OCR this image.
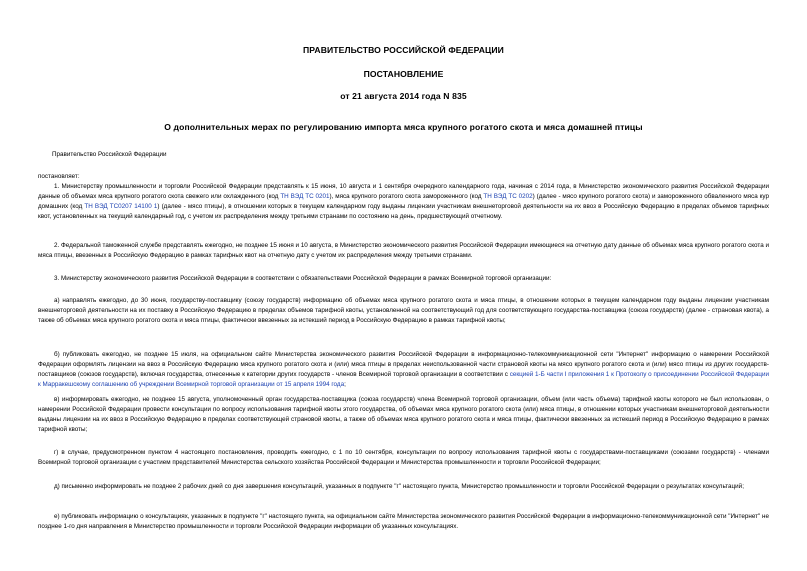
ПРАВИТЕЛЬСТВО РОССИЙСКОЙ ФЕДЕРАЦИИ
ПОСТАНОВЛЕНИЕ
от 21 августа 2014 года N 835
О дополнительных мерах по регулированию импорта мяса крупного рогатого скота и мяса домашней птицы
Правительство Российской Федерации
постановляет:
1. Министерству промышленности и торговли Российской Федерации представлять к 15 июня, 10 августа и 1 сентября очередного календарного года, начиная с 2014 года, в Министерство экономического развития Российской Федерации данные об объемах мяса крупного рогатого скота свежего или охлажденного (код ТН ВЭД ТС 0201), мяса крупного рогатого скота замороженного (код ТН ВЭД ТС 0202) (далее - мясо крупного рогатого скота) и замороженного обваленного мяса кур домашних (код ТН ВЭД ТС0207 14100 1) (далее - мясо птицы), в отношении которых в текущем календарном году выданы лицензии участникам внешнеторговой деятельности на их ввоз в Российскую Федерацию в пределах объемов тарифных квот, установленных на текущий календарный год, с учетом их распределения между третьими странами по состоянию на день, предшествующий отчетному.
2. Федеральной таможенной службе представлять ежегодно, не позднее 15 июня и 10 августа, в Министерство экономического развития Российской Федерации имеющиеся на отчетную дату данные об объемах мяса крупного рогатого скота и мяса птицы, ввезенных в Российскую Федерацию в рамках тарифных квот на отчетную дату с учетом их распределения между третьими странами.
3. Министерству экономического развития Российской Федерации в соответствии с обязательствами Российской Федерации в рамках Всемирной торговой организации:
а) направлять ежегодно, до 30 июня, государству-поставщику (союзу государств) информацию об объемах мяса крупного рогатого скота и мяса птицы, в отношении которых в текущем календарном году выданы лицензии участникам внешнеторговой деятельности на их поставку в Российскую Федерацию в пределах объемов тарифной квоты, установленной на соответствующий год для соответствующего государства-поставщика (союза государств) (далее - страновая квота), а также об объемах мяса крупного рогатого скота и мяса птицы, фактически ввезенных за истекший период в Российскую Федерацию в рамках тарифной квоты;
б) публиковать ежегодно, не позднее 15 июля, на официальном сайте Министерства экономического развития Российской Федерации в информационно-телекоммуникационной сети "Интернет" информацию о намерении Российской Федерации оформлять лицензии на ввоз в Российскую Федерацию мяса крупного рогатого скота и (или) мяса птицы в пределах неиспользованной части страновой квоты на мясо крупного рогатого скота и (или) мясо птицы из других государств-поставщиков (союзов государств), включая государства, отнесенные к категории других государств - членов Всемирной торговой организации в соответствии с секцией 1-Б части I приложения 1 к Протоколу о присоединении Российской Федерации к Марракешскому соглашению об учреждении Всемирной торговой организации от 15 апреля 1994 года;
в) информировать ежегодно, не позднее 15 августа, уполномоченный орган государства-поставщика (союза государств) члена Всемирной торговой организации, объем (или часть объема) тарифной квоты которого не был использован, о намерении Российской Федерации провести консультации по вопросу использования тарифной квоты этого государства, об объемах мяса крупного рогатого скота (или) мяса птицы, в отношении которых участникам внешнеторговой деятельности выданы лицензии на их ввоз в Российскую Федерацию в пределах соответствующей страновой квоты, а также об объемах мяса крупного рогатого скота и мяса птицы, фактически ввезенных за истекший период в Российскую Федерацию в рамках тарифной квоты;
г) в случае, предусмотренном пунктом 4 настоящего постановления, проводить ежегодно, с 1 по 10 сентября, консультации по вопросу использования тарифной квоты с государствами-поставщиками (союзами государств) - членами Всемирной торговой организации с участием представителей Министерства сельского хозяйства Российской Федерации и Министерства промышленности и торговли Российской Федерации;
д) письменно информировать не позднее 2 рабочих дней со дня завершения консультаций, указанных в подпункте "г" настоящего пункта, Министерство промышленности и торговли Российской Федерации о результатах консультаций;
е) публиковать информацию о консультациях, указанных в подпункте "г" настоящего пункта, на официальном сайте Министерства экономического развития Российской Федерации в информационно-телекоммуникационной сети "Интернет" не позднее 1-го дня направления в Министерство промышленности и торговли Российской Федерации информации об указанных консультациях.
